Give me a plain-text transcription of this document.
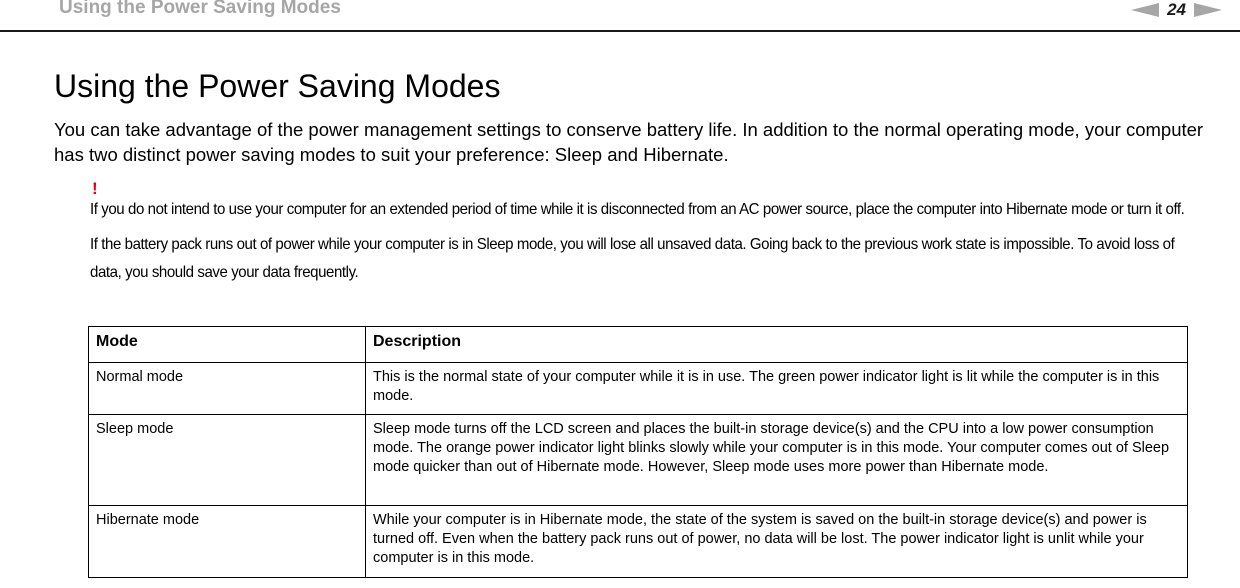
Using the Power Saving Modes	24
Using the Power Saving Modes

You can take advantage of the power management settings to conserve battery life. In addition to the normal operating mode, your computer has two distinct power saving modes to suit your preference: Sleep and Hibernate.

!

If you do not intend to use your computer for an extended period of time while it is disconnected from an AC power source, place the computer into Hibernate mode or turn it off.

If the battery pack runs out of power while your computer is in Sleep mode, you will lose all unsaved data. Going back to the previous work state is impossible. To avoid loss of data, you should save your data frequently.

Mode	Description
Normal mode	This is the normal state of your computer while it is in use. The green power indicator light is lit while the computer is in this mode.
Sleep mode	Sleep mode turns off the LCD screen and places the built-in storage device(s) and the CPU into a low power consumption mode. The orange power indicator light blinks slowly while your computer is in this mode. Your computer comes out of Sleep mode quicker than out of Hibernate mode. However, Sleep mode uses more power than Hibernate mode.
Hibernate mode	While your computer is in Hibernate mode, the state of the system is saved on the built-in storage device(s) and power is turned off. Even when the battery pack runs out of power, no data will be lost. The power indicator light is unlit while your computer is in this mode.
